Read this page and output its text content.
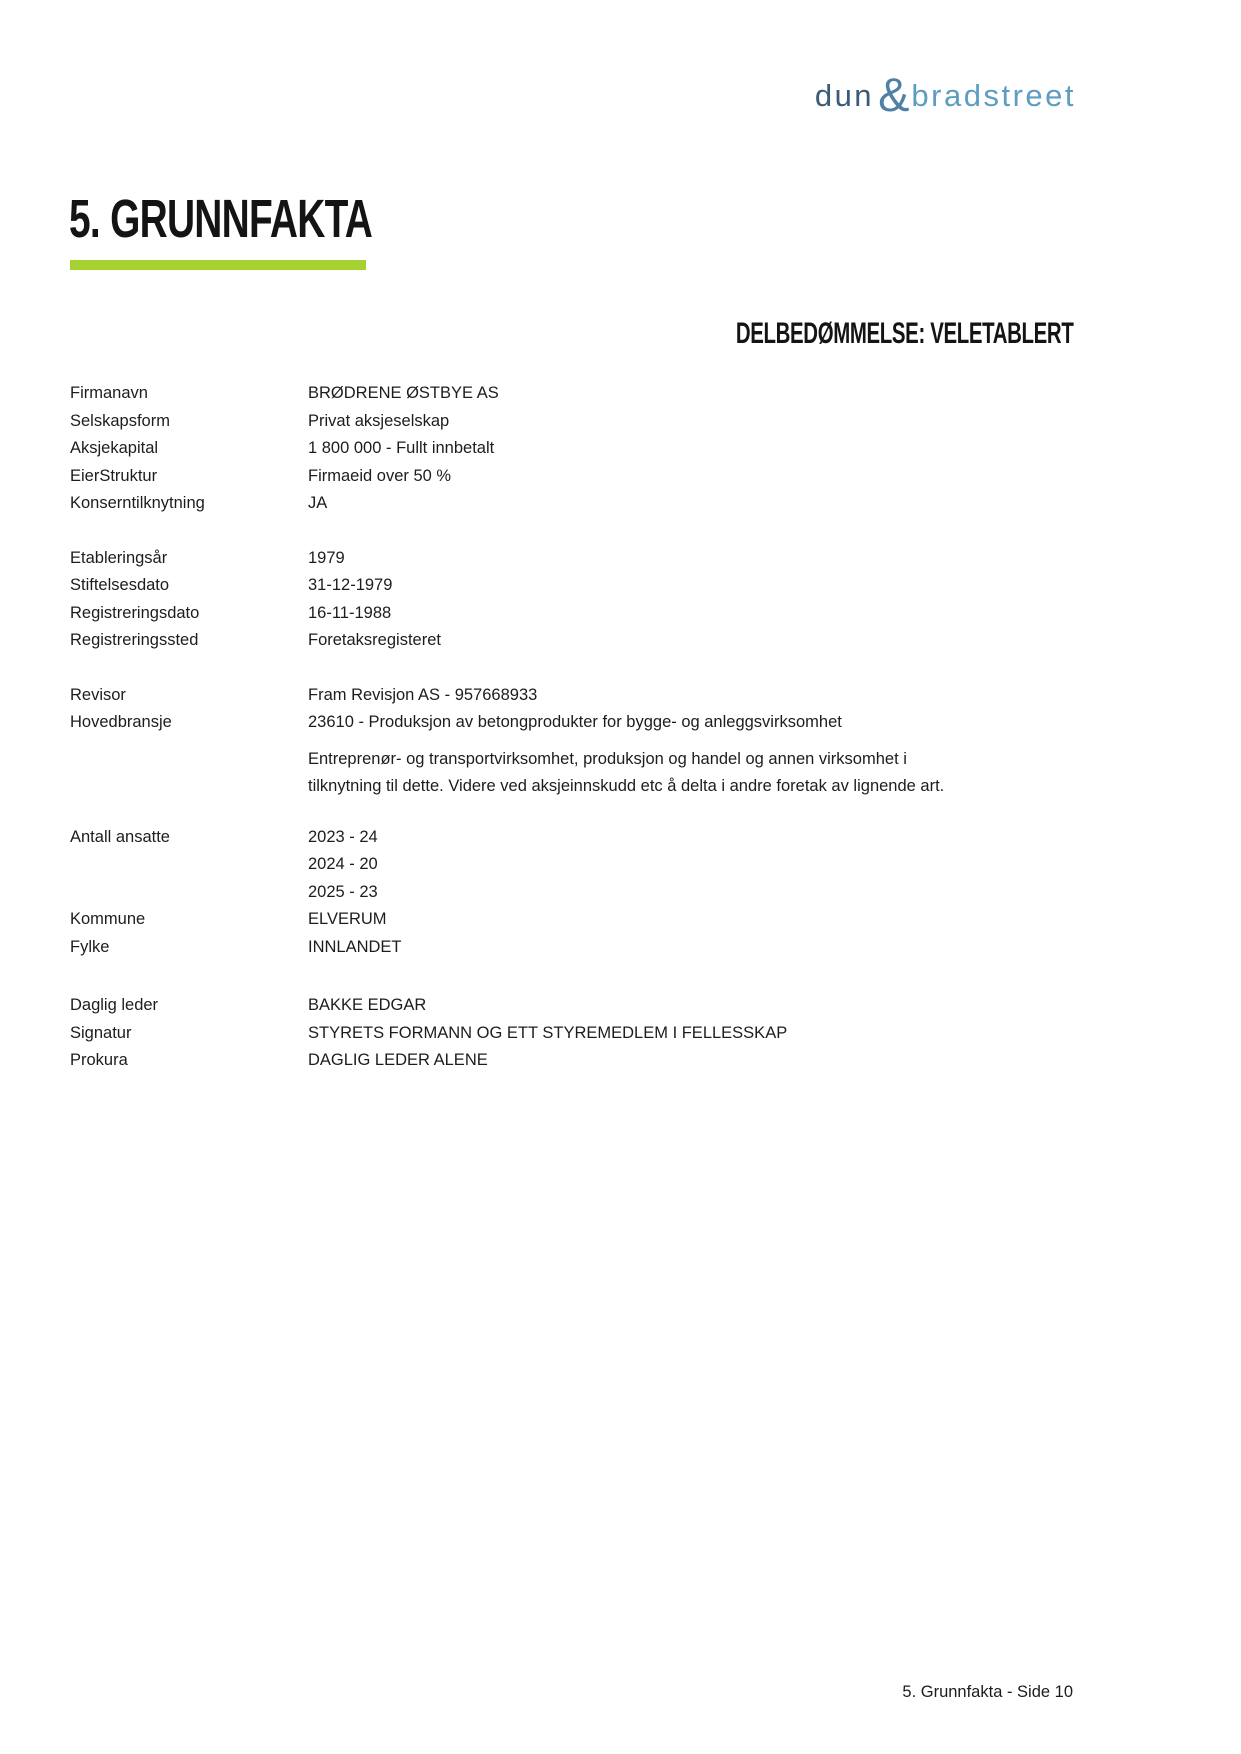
dun & bradstreet
5. GRUNNFAKTA
DELBEDØMMELSE: VELETABLERT
Firmanavn	BRØDRENE ØSTBYE AS
Selskapsform	Privat aksjeselskap
Aksjekapital	1 800 000 - Fullt innbetalt
EierStruktur	Firmaeid over 50 %
Konserntilknytning	JA
Etableringsår	1979
Stiftelsesdato	31-12-1979
Registreringsdato	16-11-1988
Registreringssted	Foretaksregisteret
Revisor	Fram Revisjon AS - 957668933
Hovedbransje	23610 - Produksjon av betongprodukter for bygge- og anleggsvirksomhet
Entreprenør- og transportvirksomhet, produksjon og handel og annen virksomhet i
tilknytning til dette. Videre ved aksjeinnskudd etc å delta i andre foretak av lignende art.
Antall ansatte	2023 - 24
2024 - 20
2025 - 23
Kommune	ELVERUM
Fylke	INNLANDET
Daglig leder	BAKKE EDGAR
Signatur	STYRETS FORMANN OG ETT STYREMEDLEM I FELLESSKAP
Prokura	DAGLIG LEDER ALENE
5. Grunnfakta - Side 10
